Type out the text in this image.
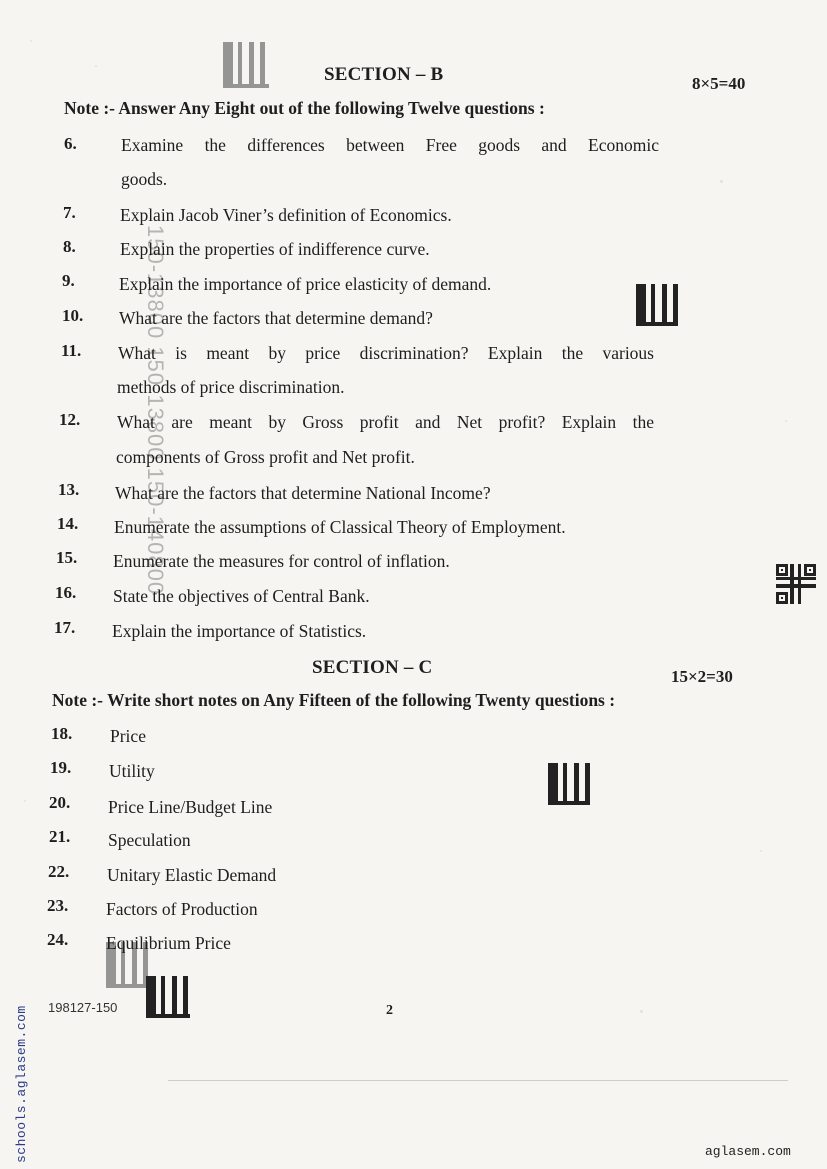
150-13800 150-13800 150-140800
SECTION – B	8×5=40
Note :- Answer Any Eight out of the following Twelve questions :
6.	Examine the differences between Free goods and Economic
goods.
7.	Explain Jacob Viner’s definition of Economics.
8.	Explain the properties of indifference curve.
9.	Explain the importance of price elasticity of demand.
10. What are the factors that determine demand?
11. What is meant by price discrimination? Explain the various
methods of price discrimination.
12. What are meant by Gross profit and Net profit? Explain the
components of Gross profit and Net profit.
13. What are the factors that determine National Income?
14. Enumerate the assumptions of Classical Theory of Employment.
15. Enumerate the measures for control of inflation.
16. State the objectives of Central Bank.
17. Explain the importance of Statistics.
SECTION – C	15×2=30
Note :- Write short notes on Any Fifteen of the following Twenty questions :
18. Price
19. Utility
20. Price Line/Budget Line
21. Speculation
22. Unitary Elastic Demand
23. Factors of Production
24. Equilibrium Price
198127-150	2
schools.aglasem.com	aglasem.com
